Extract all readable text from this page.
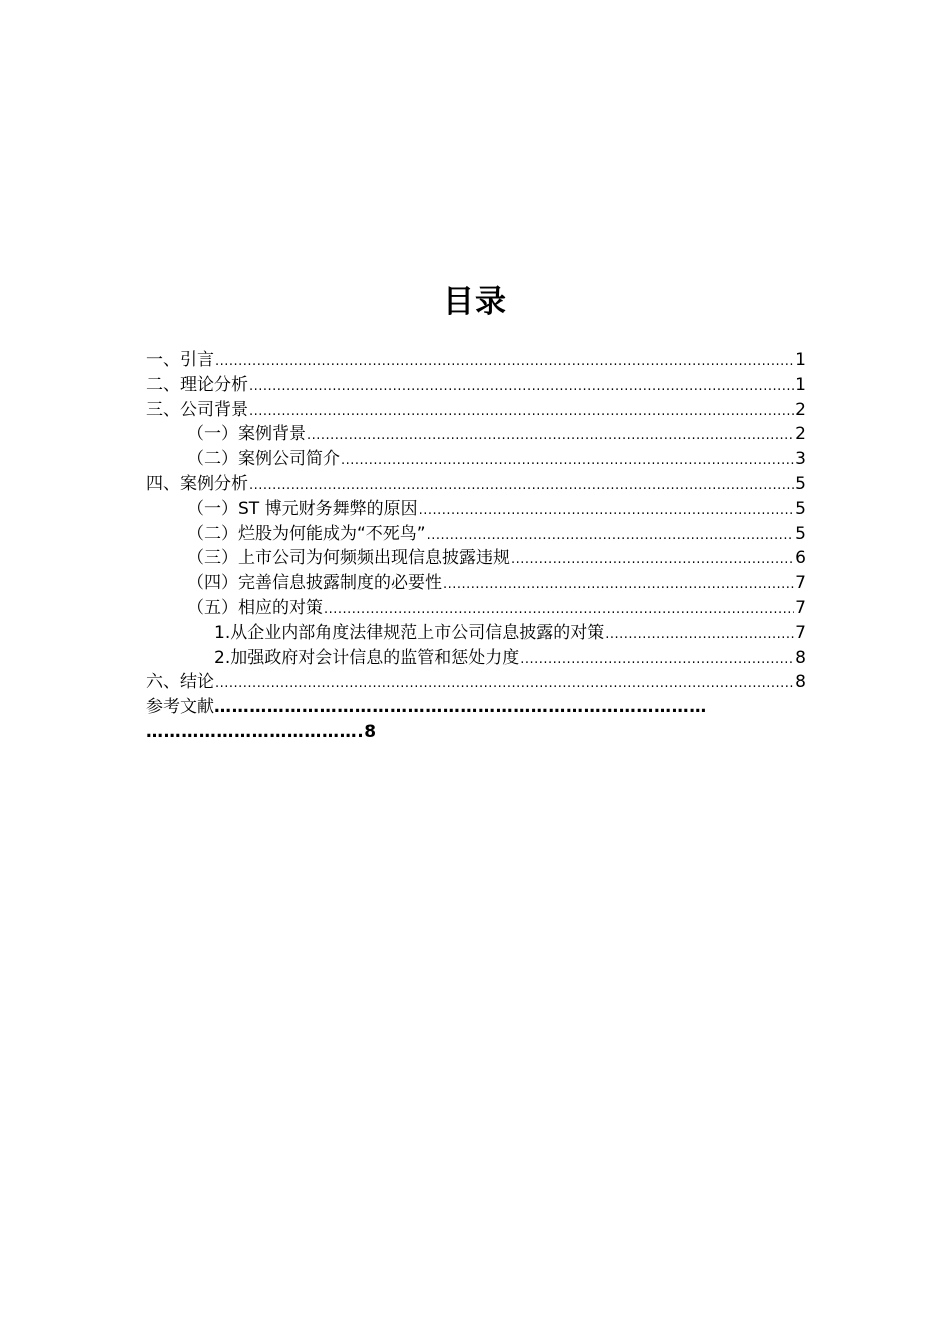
目录
一、引言 .....	1
二、理论分析 .....	1
三、公司背景 .....	2
（一）案例背景 .....	2
（二）案例公司简介 .....	3
四、案例分析 .....	5
（一）ST 博元财务舞弊的原因 .....	5
（二）烂股为何能成为“不死鸟” .....	5
（三）上市公司为何频频出现信息披露违规 .....	6
（四）完善信息披露制度的必要性 .....	7
（五）相应的对策 .....	7
1.从企业内部角度法律规范上市公司信息披露的对策 .....	7
2.加强政府对会计信息的监管和惩处力度 .....	8
六、结论 .....	8
参考文献…………………………………………………………………………
……………………………….8
